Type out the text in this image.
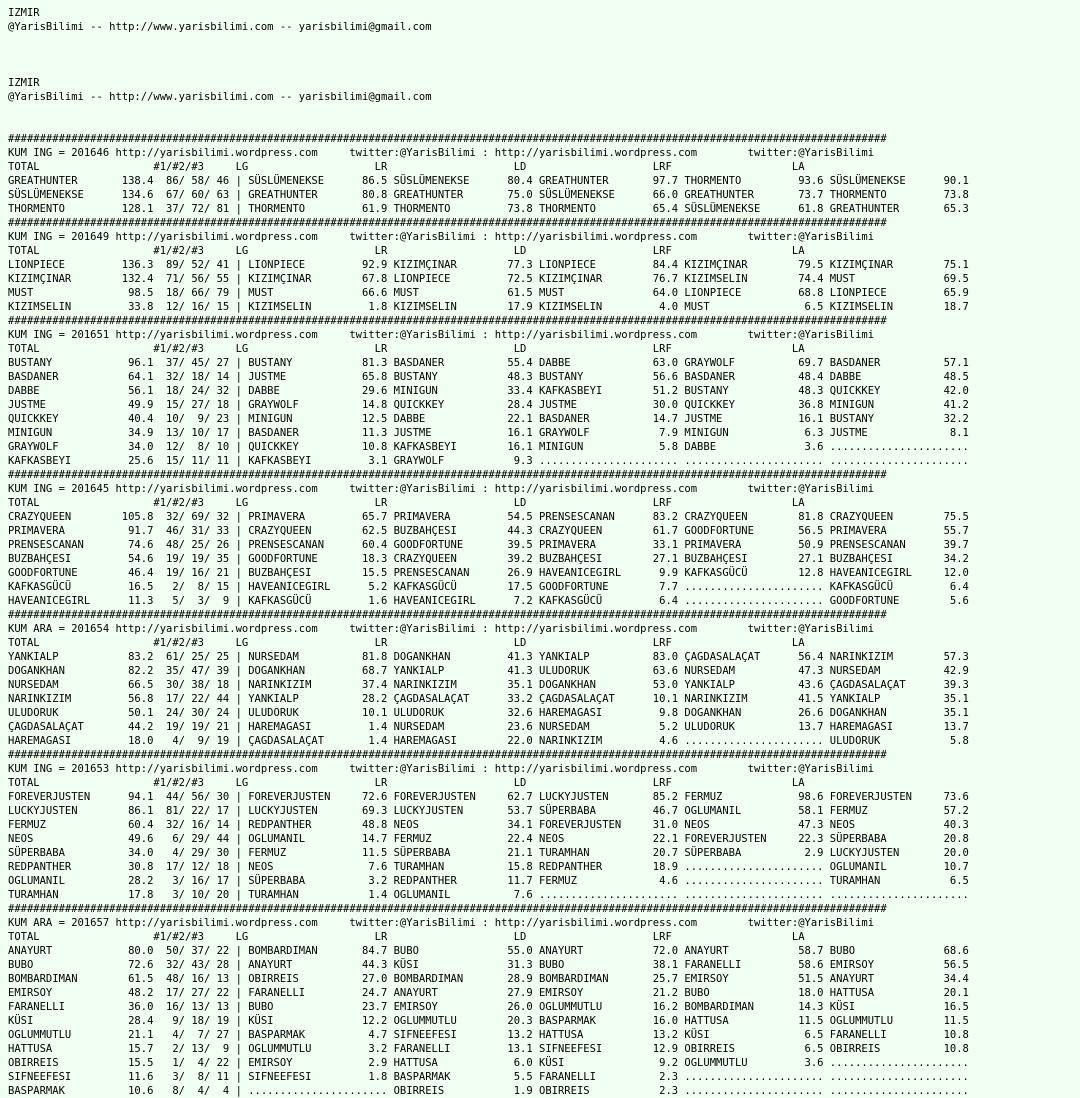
IZMIR
@YarisBilimi -- http://www.yarisbilimi.com -- yarisbilimi@gmail.com

IZMIR
@YarisBilimi -- http://www.yarisbilimi.com -- yarisbilimi@gmail.com

###########################################################################################################################################
KUM ING = 201646 http://yarisbilimi.wordpress.com     twitter:@YarisBilimi : http://yarisbilimi.wordpress.com        twitter:@YarisBilimi
TOTAL                  #1/#2/#3     LG                    LR                    LD                    LRF                   LA
GREATHUNTER       138.4  86/ 58/ 46 | SÜSLÜMENEKSE      86.5 SÜSLÜMENEKSE      80.4 GREATHUNTER       97.7 THORMENTO         93.6 SÜSLÜMENEKSE      90.1
SÜSLÜMENEKSE      134.6  67/ 60/ 63 | GREATHUNTER       80.8 GREATHUNTER       75.0 SÜSLÜMENEKSE      66.0 GREATHUNTER       73.7 THORMENTO         73.8
THORMENTO         128.1  37/ 72/ 81 | THORMENTO         61.9 THORMENTO         73.8 THORMENTO         65.4 SÜSLÜMENEKSE      61.8 GREATHUNTER       65.3
###########################################################################################################################################
KUM ING = 201649 http://yarisbilimi.wordpress.com     twitter:@YarisBilimi : http://yarisbilimi.wordpress.com        twitter:@YarisBilimi
TOTAL                  #1/#2/#3     LG                    LR                    LD                    LRF                   LA
LIONPIECE         136.3  89/ 52/ 41 | LIONPIECE         92.9 KIZIMÇINAR        77.3 LIONPIECE         84.4 KIZIMÇINAR        79.5 KIZIMÇINAR        75.1
KIZIMÇINAR        132.4  71/ 56/ 55 | KIZIMÇINAR        67.8 LIONPIECE         72.5 KIZIMÇINAR        76.7 KIZIMSELIN        74.4 MUST              69.5
MUST               98.5  18/ 66/ 79 | MUST              66.6 MUST              61.5 MUST              64.0 LIONPIECE         68.8 LIONPIECE         65.9
KIZIMSELIN         33.8  12/ 16/ 15 | KIZIMSELIN         1.8 KIZIMSELIN        17.9 KIZIMSELIN         4.0 MUST               6.5 KIZIMSELIN        18.7
###########################################################################################################################################
KUM ING = 201651 http://yarisbilimi.wordpress.com     twitter:@YarisBilimi : http://yarisbilimi.wordpress.com        twitter:@YarisBilimi
TOTAL                  #1/#2/#3     LG                    LR                    LD                    LRF                   LA
BUSTANY            96.1  37/ 45/ 27 | BUSTANY           81.3 BASDANER          55.4 DABBE             63.0 GRAYWOLF          69.7 BASDANER          57.1
BASDANER           64.1  32/ 18/ 14 | JUSTME            65.8 BUSTANY           48.3 BUSTANY           56.6 BASDANER          48.4 DABBE             48.5
DABBE              56.1  18/ 24/ 32 | DABBE             29.6 MINIGUN           33.4 KAFKASBEYI        51.2 BUSTANY           48.3 QUICKKEY          42.0
JUSTME             49.9  15/ 27/ 18 | GRAYWOLF          14.8 QUICKKEY          28.4 JUSTME            30.0 QUICKKEY          36.8 MINIGUN           41.2
QUICKKEY           40.4  10/  9/ 23 | MINIGUN           12.5 DABBE             22.1 BASDANER          14.7 JUSTME            16.1 BUSTANY           32.2
MINIGUN            34.9  13/ 10/ 17 | BASDANER          11.3 JUSTME            16.1 GRAYWOLF           7.9 MINIGUN            6.3 JUSTME             8.1
GRAYWOLF           34.0  12/  8/ 10 | QUICKKEY          10.8 KAFKASBEYI        16.1 MINIGUN            5.8 DABBE              3.6 ......................
KAFKASBEYI         25.6  15/ 11/ 11 | KAFKASBEYI         3.1 GRAYWOLF           9.3 ...................... ...................... ......................
###########################################################################################################################################
KUM ING = 201645 http://yarisbilimi.wordpress.com     twitter:@YarisBilimi : http://yarisbilimi.wordpress.com        twitter:@YarisBilimi
TOTAL                  #1/#2/#3     LG                    LR                    LD                    LRF                   LA
CRAZYQUEEN        105.8  32/ 69/ 32 | PRIMAVERA         65.7 PRIMAVERA         54.5 PRENSESCANAN      83.2 CRAZYQUEEN        81.8 CRAZYQUEEN        75.5
PRIMAVERA          91.7  46/ 31/ 33 | CRAZYQUEEN        62.5 BUZBAHÇESI        44.3 CRAZYQUEEN        61.7 GOODFORTUNE       56.5 PRIMAVERA         55.7
PRENSESCANAN       74.6  48/ 25/ 26 | PRENSESCANAN      60.4 GOODFORTUNE       39.5 PRIMAVERA         33.1 PRIMAVERA         50.9 PRENSESCANAN      39.7
BUZBAHÇESI         54.6  19/ 19/ 35 | GOODFORTUNE       18.3 CRAZYQUEEN        39.2 BUZBAHÇESI        27.1 BUZBAHÇESI        27.1 BUZBAHÇESI        34.2
GOODFORTUNE        46.4  19/ 16/ 21 | BUZBAHÇESI        15.5 PRENSESCANAN      26.9 HAVEANICEGIRL      9.9 KAFKASGÜCÜ        12.8 HAVEANICEGIRL     12.0
KAFKASGÜCÜ         16.5   2/  8/ 15 | HAVEANICEGIRL      5.2 KAFKASGÜCÜ        17.5 GOODFORTUNE        7.7 ...................... KAFKASGÜCÜ         6.4
HAVEANICEGIRL      11.3   5/  3/  9 | KAFKASGÜCÜ         1.6 HAVEANICEGIRL      7.2 KAFKASGÜCÜ         6.4 ...................... GOODFORTUNE        5.6
###########################################################################################################################################
KUM ARA = 201654 http://yarisbilimi.wordpress.com     twitter:@YarisBilimi : http://yarisbilimi.wordpress.com        twitter:@YarisBilimi
TOTAL                  #1/#2/#3     LG                    LR                    LD                    LRF                   LA
YANKIALP           83.2  61/ 25/ 25 | NURSEDAM          81.8 DOGANKHAN         41.3 YANKIALP          83.0 ÇAGDASALAÇAT      56.4 NARINKIZIM        57.3
DOGANKHAN          82.2  35/ 47/ 39 | DOGANKHAN         68.7 YANKIALP          41.3 ULUDORUK          63.6 NURSEDAM          47.3 NURSEDAM          42.9
NURSEDAM           66.5  30/ 38/ 18 | NARINKIZIM        37.4 NARINKIZIM        35.1 DOGANKHAN         53.0 YANKIALP          43.6 ÇAGDASALAÇAT      39.3
NARINKIZIM         56.8  17/ 22/ 44 | YANKIALP          28.2 ÇAGDASALAÇAT      33.2 ÇAGDASALAÇAT      10.1 NARINKIZIM        41.5 YANKIALP          35.1
ULUDORUK           50.1  24/ 30/ 24 | ULUDORUK          10.1 ULUDORUK          32.6 HAREMAGASI         9.8 DOGANKHAN         26.6 DOGANKHAN         35.1
ÇAGDASALAÇAT       44.2  19/ 19/ 21 | HAREMAGASI         1.4 NURSEDAM          23.6 NURSEDAM           5.2 ULUDORUK          13.7 HAREMAGASI        13.7
HAREMAGASI         18.0   4/  9/ 19 | ÇAGDASALAÇAT       1.4 HAREMAGASI        22.0 NARINKIZIM         4.6 ...................... ULUDORUK           5.8
###########################################################################################################################################
KUM ING = 201653 http://yarisbilimi.wordpress.com     twitter:@YarisBilimi : http://yarisbilimi.wordpress.com        twitter:@YarisBilimi
TOTAL                  #1/#2/#3     LG                    LR                    LD                    LRF                   LA
FOREVERJUSTEN      94.1  44/ 56/ 30 | FOREVERJUSTEN     72.6 FOREVERJUSTEN     62.7 LUCKYJUSTEN       85.2 FERMUZ            98.6 FOREVERJUSTEN     73.6
LUCKYJUSTEN        86.1  81/ 22/ 17 | LUCKYJUSTEN       69.3 LUCKYJUSTEN       53.7 SÜPERBABA         46.7 OGLUMANIL         58.1 FERMUZ            57.2
FERMUZ             60.4  32/ 16/ 14 | REDPANTHER        48.8 NEOS              34.1 FOREVERJUSTEN     31.0 NEOS              47.3 NEOS              40.3
NEOS               49.6   6/ 29/ 44 | OGLUMANIL         14.7 FERMUZ            22.4 NEOS              22.1 FOREVERJUSTEN     22.3 SÜPERBABA         20.8
SÜPERBABA          34.0   4/ 29/ 30 | FERMUZ            11.5 SÜPERBABA         21.1 TURAMHAN          20.7 SÜPERBABA          2.9 LUCKYJUSTEN       20.0
REDPANTHER         30.8  17/ 12/ 18 | NEOS               7.6 TURAMHAN          15.8 REDPANTHER        18.9 ...................... OGLUMANIL         10.7
OGLUMANIL          28.2   3/ 16/ 17 | SÜPERBABA          3.2 REDPANTHER        11.7 FERMUZ             4.6 ...................... TURAMHAN           6.5
TURAMHAN           17.8   3/ 10/ 20 | TURAMHAN           1.4 OGLUMANIL          7.6 ...................... ...................... ......................
###########################################################################################################################################
KUM ARA = 201657 http://yarisbilimi.wordpress.com     twitter:@YarisBilimi : http://yarisbilimi.wordpress.com        twitter:@YarisBilimi
TOTAL                  #1/#2/#3     LG                    LR                    LD                    LRF                   LA
ANAYURT            80.0  50/ 37/ 22 | BOMBARDIMAN       84.7 BUBO              55.0 ANAYURT           72.0 ANAYURT           58.7 BUBO              68.6
BUBO               72.6  32/ 43/ 28 | ANAYURT           44.3 KÜSI              31.3 BUBO              38.1 FARANELLI         58.6 EMIRSOY           56.5
BOMBARDIMAN        61.5  48/ 16/ 13 | OBIRREIS          27.0 BOMBARDIMAN       28.9 BOMBARDIMAN       25.7 EMIRSOY           51.5 ANAYURT           34.4
EMIRSOY            48.2  17/ 27/ 22 | FARANELLI         24.7 ANAYURT           27.9 EMIRSOY           21.2 BUBO              18.0 HATTUSA           20.1
FARANELLI          36.0  16/ 13/ 13 | BUBO              23.7 EMIRSOY           26.0 OGLUMMUTLU        16.2 BOMBARDIMAN       14.3 KÜSI              16.5
KÜSI               28.4   9/ 18/ 19 | KÜSI              12.2 OGLUMMUTLU        20.3 BASPARMAK         16.0 HATTUSA           11.5 OGLUMMUTLU        11.5
OGLUMMUTLU         21.1   4/  7/ 27 | BASPARMAK          4.7 SIFNEEFESI        13.2 HATTUSA           13.2 KÜSI               6.5 FARANELLI         10.8
HATTUSA            15.7   2/ 13/  9 | OGLUMMUTLU         3.2 FARANELLI         13.1 SIFNEEFESI        12.9 OBIRREIS           6.5 OBIRREIS          10.8
OBIRREIS           15.5   1/  4/ 22 | EMIRSOY            2.9 HATTUSA            6.0 KÜSI               9.2 OGLUMMUTLU         3.6 ......................
SIFNEEFESI         11.6   3/  8/ 11 | SIFNEEFESI         1.8 BASPARMAK          5.5 FARANELLI          2.3 ...................... ......................
BASPARMAK          10.6   8/  4/  4 | ...................... OBIRREIS           1.9 OBIRREIS           2.3 ...................... ......................
